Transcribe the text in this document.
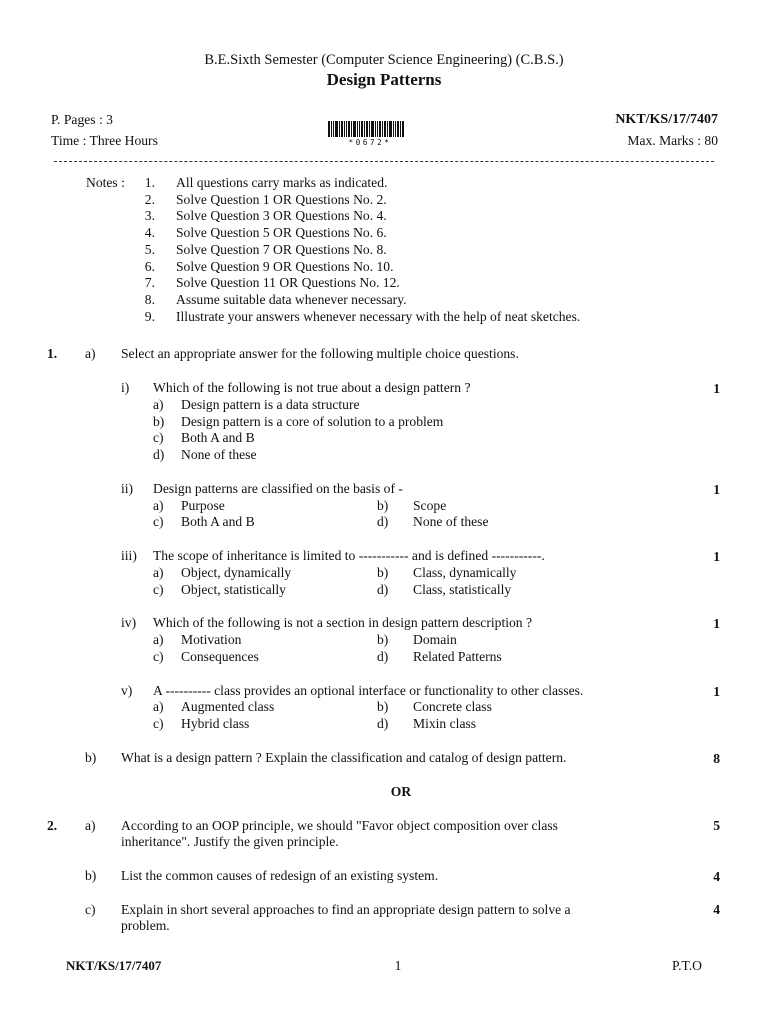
B.E.Sixth Semester (Computer Science Engineering) (C.B.S.)
Design Patterns
P. Pages : 3	NKT/KS/17/7407
Time : Three Hours	Max. Marks : 80
*0672*
Notes : 1. All questions carry marks as indicated.
2. Solve Question 1 OR Questions No. 2.
3. Solve Question 3 OR Questions No. 4.
4. Solve Question 5 OR Questions No. 6.
5. Solve Question 7 OR Questions No. 8.
6. Solve Question 9 OR Questions No. 10.
7. Solve Question 11 OR Questions No. 12.
8. Assume suitable data whenever necessary.
9. Illustrate your answers whenever necessary with the help of neat sketches.
1. a) Select an appropriate answer for the following multiple choice questions.
i) Which of the following is not true about a design pattern ?	1
a) Design pattern is a data structure
b) Design pattern is a core of solution to a problem
c) Both A and B
d) None of these
ii) Design patterns are classified on the basis of -	1
a) Purpose	b) Scope
c) Both A and B	d) None of these
iii) The scope of inheritance is limited to ----------- and is defined -----------.	1
a) Object, dynamically	b) Class, dynamically
c) Object, statistically	d) Class, statistically
iv) Which of the following is not a section in design pattern description ?	1
a) Motivation	b) Domain
c) Consequences	d) Related Patterns
v) A ---------- class provides an optional interface or functionality to other classes.	1
a) Augmented class	b) Concrete class
c) Hybrid class	d) Mixin class
b) What is a design pattern ? Explain the classification and catalog of design pattern.	8
OR
2. a) According to an OOP principle, we should "Favor object composition over class
inheritance". Justify the given principle.
5
b) List the common causes of redesign of an existing system.	4
c) Explain in short several approaches to find an appropriate design pattern to solve a
problem.
4
NKT/KS/17/7407	1	P.T.O
